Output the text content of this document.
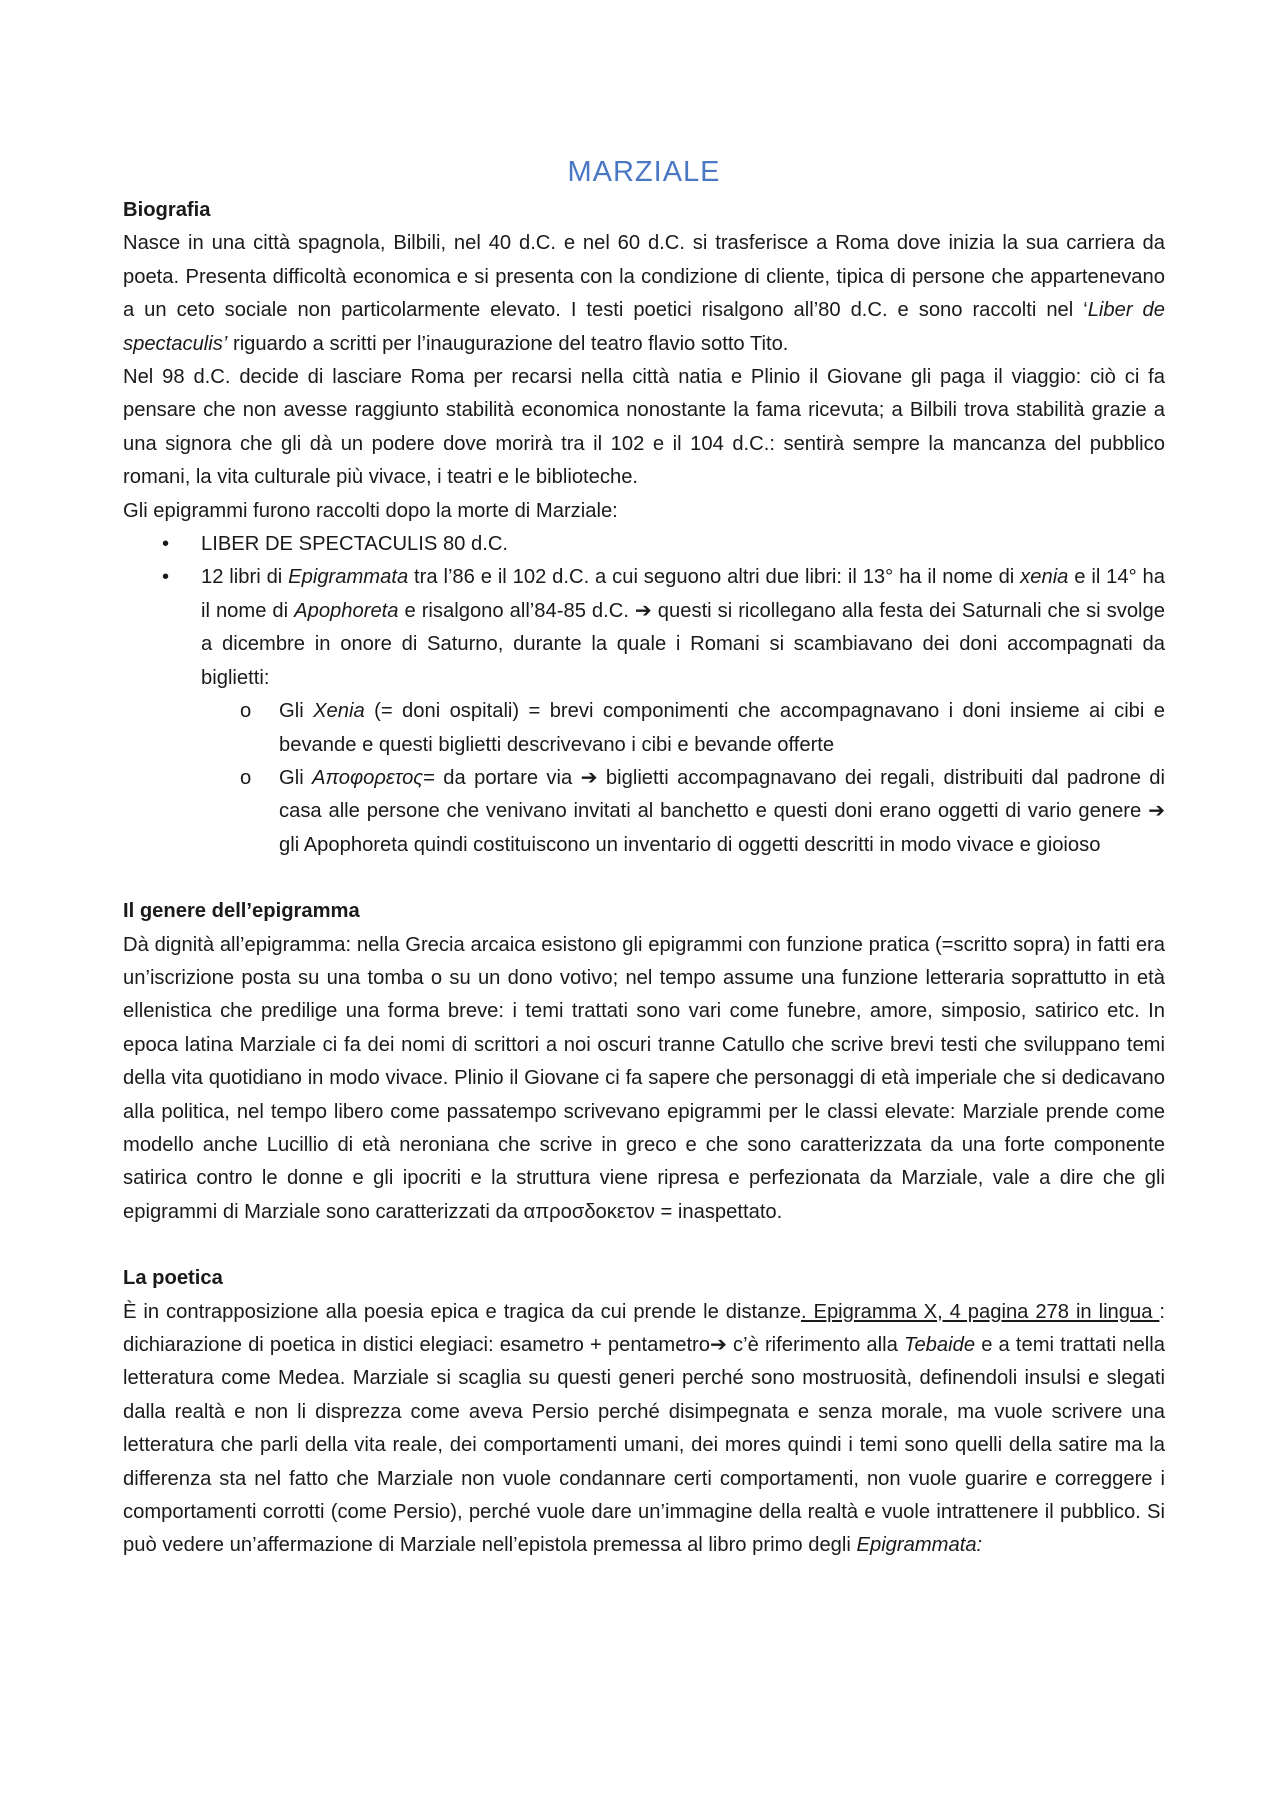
MARZIALE
Biografia

Nasce in una città spagnola, Bilbili, nel 40 d.C. e nel 60 d.C. si trasferisce a Roma dove inizia la sua carriera da poeta. Presenta difficoltà economica e si presenta con la condizione di cliente, tipica di persone che appartenevano a un ceto sociale non particolarmente elevato. I testi poetici risalgono all’80 d.C. e sono raccolti nel ‘Liber de spectaculis’ riguardo a scritti per l’inaugurazione del teatro flavio sotto Tito.

Nel 98 d.C. decide di lasciare Roma per recarsi nella città natia e Plinio il Giovane gli paga il viaggio: ciò ci fa pensare che non avesse raggiunto stabilità economica nonostante la fama ricevuta; a Bilbili trova stabilità grazie a una signora che gli dà un podere dove morirà tra il 102 e il 104 d.C.: sentirà sempre la mancanza del pubblico romani, la vita culturale più vivace, i teatri e le biblioteche.

Gli epigrammi furono raccolti dopo la morte di Marziale:

• LIBER DE SPECTACULIS 80 d.C.
• 12 libri di Epigrammata tra l’86 e il 102 d.C. a cui seguono altri due libri: il 13° ha il nome di xenia e il 14° ha il nome di Apophoreta e risalgono all’84-85 d.C. ➔ questi si ricollegano alla festa dei Saturnali che si svolge a dicembre in onore di Saturno, durante la quale i Romani si scambiavano dei doni accompagnati da biglietti:
o Gli Xenia (= doni ospitali) = brevi componimenti che accompagnavano i doni insieme ai cibi e bevande e questi biglietti descrivevano i cibi e bevande offerte
o Gli Αποφορετος= da portare via ➔ biglietti accompagnavano dei regali, distribuiti dal padrone di casa alle persone che venivano invitati al banchetto e questi doni erano oggetti di vario genere ➔ gli Apophoreta quindi costituiscono un inventario di oggetti descritti in modo vivace e gioioso
Il genere dell’epigramma

Dà dignità all’epigramma: nella Grecia arcaica esistono gli epigrammi con funzione pratica (=scritto sopra) in fatti era un’iscrizione posta su una tomba o su un dono votivo; nel tempo assume una funzione letteraria soprattutto in età ellenistica che predilige una forma breve: i temi trattati sono vari come funebre, amore, simposio, satirico etc. In epoca latina Marziale ci fa dei nomi di scrittori a noi oscuri tranne Catullo che scrive brevi testi che sviluppano temi della vita quotidiano in modo vivace. Plinio il Giovane ci fa sapere che personaggi di età imperiale che si dedicavano alla politica, nel tempo libero come passatempo scrivevano epigrammi per le classi elevate: Marziale prende come modello anche Lucillio di età neroniana che scrive in greco e che sono caratterizzata da una forte componente satirica contro le donne e gli ipocriti e la struttura viene ripresa e perfezionata da Marziale, vale a dire che gli epigrammi di Marziale sono caratterizzati da απροσδοκετον = inaspettato.

La poetica

È in contrapposizione alla poesia epica e tragica da cui prende le distanze. Epigramma X, 4 pagina 278 in lingua : dichiarazione di poetica in distici elegiaci: esametro + pentametro➔ c’è riferimento alla Tebaide e a temi trattati nella letteratura come Medea. Marziale si scaglia su questi generi perché sono mostruosità, definendoli insulsi e slegati dalla realtà e non li disprezza come aveva Persio perché disimpegnata e senza morale, ma vuole scrivere una letteratura che parli della vita reale, dei comportamenti umani, dei mores quindi i temi sono quelli della satire ma la differenza sta nel fatto che Marziale non vuole condannare certi comportamenti, non vuole guarire e correggere i comportamenti corrotti (come Persio), perché vuole dare un’immagine della realtà e vuole intrattenere il pubblico. Si può vedere un’affermazione di Marziale nell’epistola premessa al libro primo degli Epigrammata:
